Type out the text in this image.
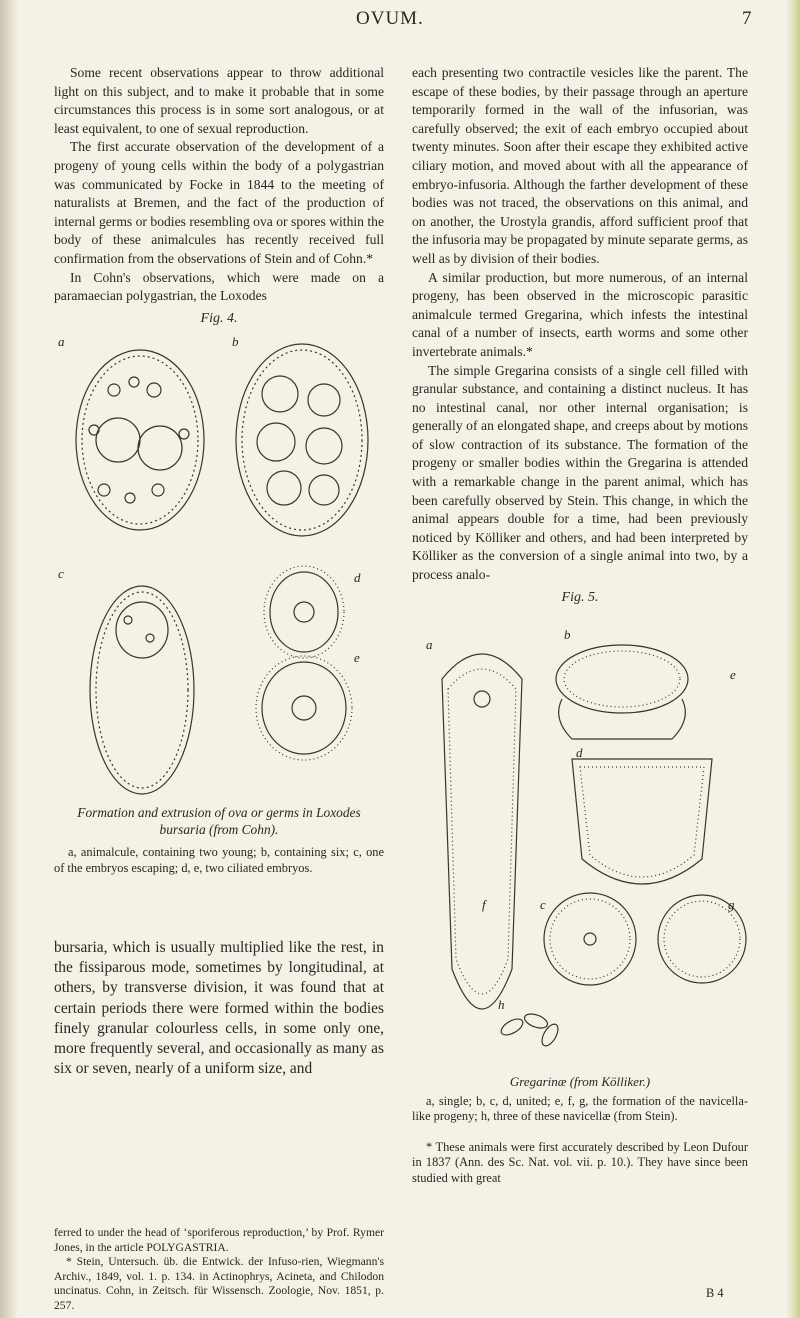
OVUM.	7

Some recent observations appear to throw additional light on this subject, and to make it probable that in some circumstances this process is in some sort analogous, or at least equivalent, to one of sexual reproduction.

The first accurate observation of the development of a progeny of young cells within the body of a polygastrian was communicated by Focke in 1844 to the meeting of naturalists at Bremen, and the fact of the production of internal germs or bodies resembling ova or spores within the body of these animalcules has recently received full confirmation from the observations of Stein and of Cohn.*

In Cohn's observations, which were made on a paramaecian polygastrian, the Loxodes

Fig. 4.
a	b
c	d
e
Formation and extrusion of ova or germs in Loxodes bursaria (from Cohn).
a, animalcule, containing two young; b, containing six; c, one of the embryos escaping; d, e, two ciliated embryos.

bursaria, which is usually multiplied like the rest, in the fissiparous mode, sometimes by longitudinal, at others, by transverse division, it was found that at certain periods there were formed within the bodies finely granular colourless cells, in some only one, more frequently several, and occasionally as many as six or seven, nearly of a uniform size, and

ferred to under the head of ‘sporiferous reproduction,’ by Prof. Rymer Jones, in the article POLYGASTRIA.

* Stein, Untersuch. üb. die Entwick. der Infuso-rien, Wiegmann's Archiv., 1849, vol. 1. p. 134. in Actinophrys, Acineta, and Chilodon uncinatus. Cohn, in Zeitsch. für Wissensch. Zoologie, Nov. 1851, p. 257.

each presenting two contractile vesicles like the parent. The escape of these bodies, by their passage through an aperture temporarily formed in the wall of the infusorian, was carefully observed; the exit of each embryo occupied about twenty minutes. Soon after their escape they exhibited active ciliary motion, and moved about with all the appearance of embryo-infusoria. Although the farther development of these bodies was not traced, the observations on this animal, and on another, the Urostyla grandis, afford sufficient proof that the infusoria may be propagated by minute separate germs, as well as by division of their bodies.

A similar production, but more numerous, of an internal progeny, has been observed in the microscopic parasitic animalcule termed Gregarina, which infests the intestinal canal of a number of insects, earth worms and some other invertebrate animals.*

The simple Gregarina consists of a single cell filled with granular substance, and containing a distinct nucleus. It has no intestinal canal, nor other internal organisation; is generally of an elongated shape, and creeps about by motions of slow contraction of its substance. The formation of the progeny or smaller bodies within the Gregarina is attended with a remarkable change in the parent animal, which has been carefully observed by Stein. This change, in which the animal appears double for a time, had been previously noticed by Kölliker and others, and had been interpreted by Kölliker as the conversion of a single animal into two, by a process analo-

Fig. 5.
a
b
c
d
e
f	g
h
Gregarinæ (from Kölliker.)
a, single; b, c, d, united; e, f, g, the formation of the navicella-like progeny; h, three of these navicellæ (from Stein).
* These animals were first accurately described by Leon Dufour in 1837 (Ann. des Sc. Nat. vol. vii. p. 10.). They have since been studied with great
B 4
